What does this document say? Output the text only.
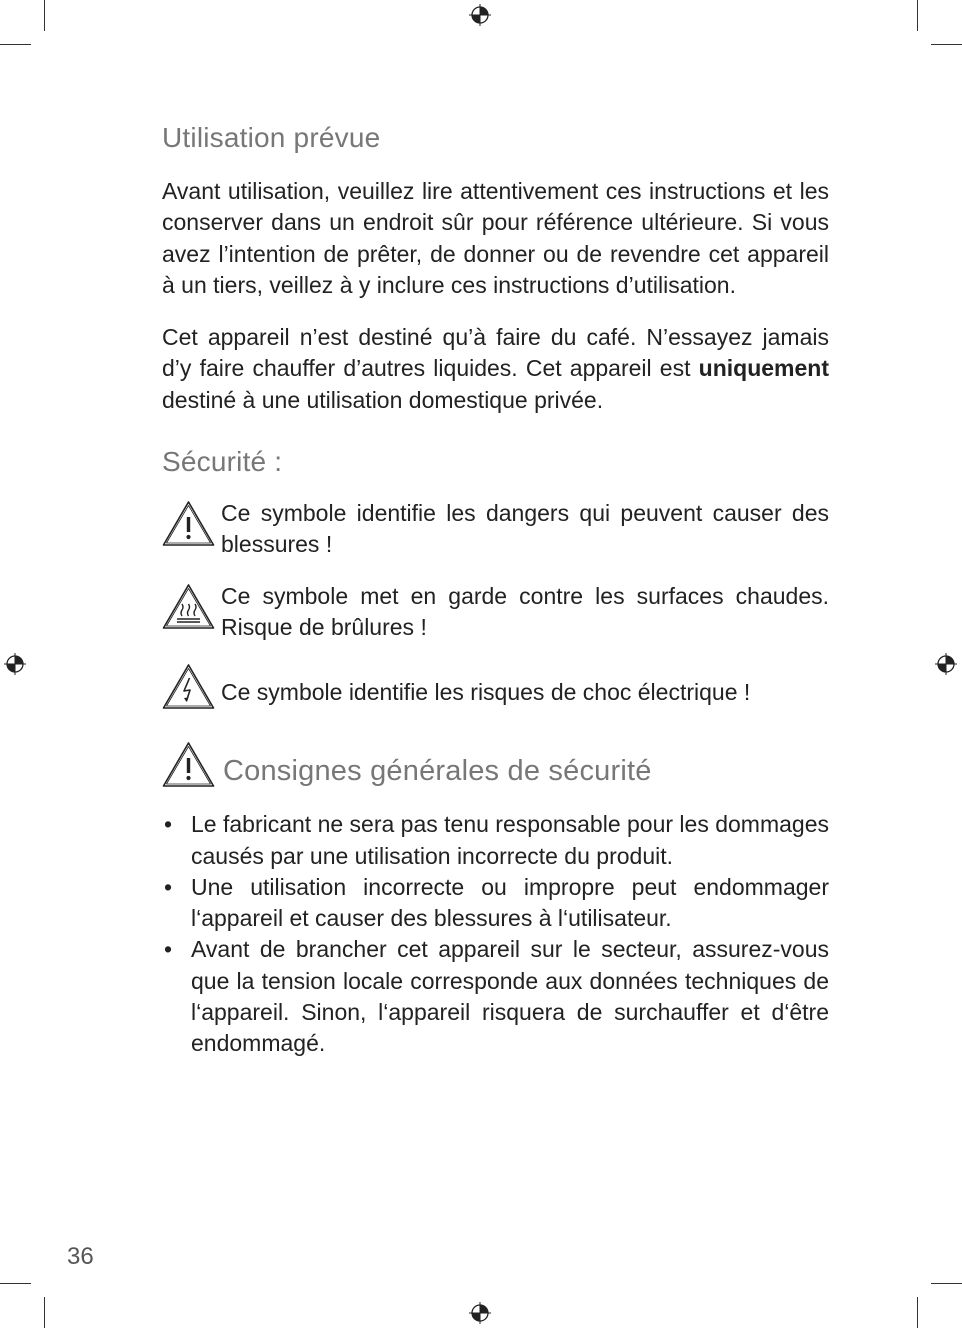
Utilisation prévue

Avant utilisation, veuillez lire attentivement ces instructions et les conserver dans un endroit sûr pour référence ultérieure. Si vous avez l’intention de prêter, de donner ou de revendre cet appareil à un tiers, veillez à y inclure ces instructions d’utilisation.

Cet appareil n’est destiné qu’à faire du café. N’essayez jamais d’y faire chauffer d’autres liquides. Cet appareil est uniquement destiné à une utilisation domestique privée.

Sécurité :
Ce symbole identifie les dangers qui peuvent causer des blessures !
Ce symbole met en garde contre les surfaces chaudes. Risque de brûlures !
Ce symbole identifie les risques de choc électrique !
Consignes générales de sécurité
• Le fabricant ne sera pas tenu responsable pour les dommages causés par une utilisation incorrecte du produit.
• Une utilisation incorrecte ou impropre peut endommager l‘appareil et causer des blessures à l‘utilisateur.
• Avant de brancher cet appareil sur le secteur, assurez-vous que la tension locale corresponde aux données techniques de l‘appareil. Sinon, l‘appareil risquera de surchauffer et d‘être endommagé.
36
